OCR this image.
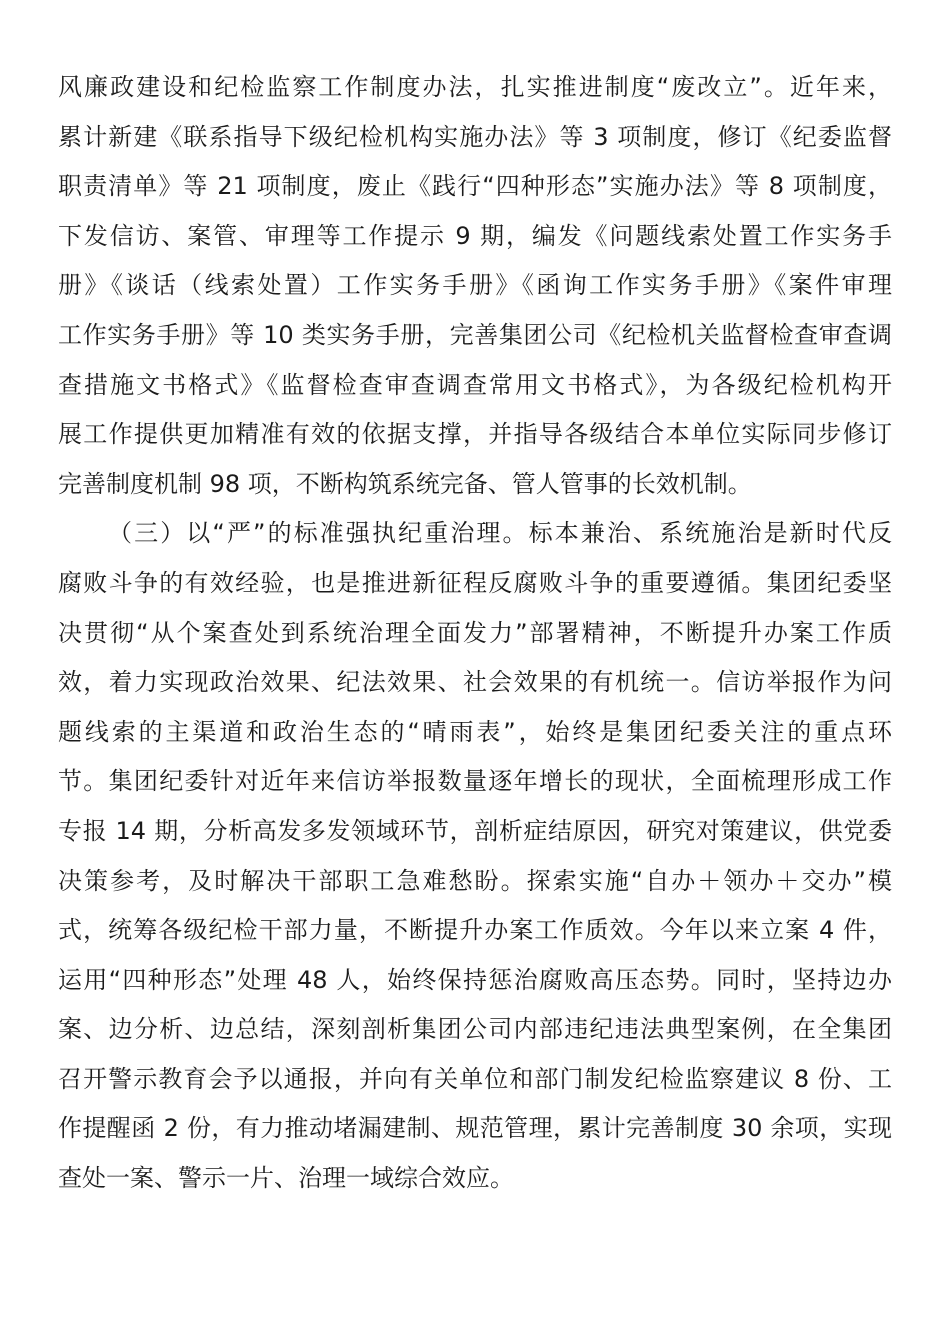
风廉政建设和纪检监察工作制度办法，扎实推进制度“废改立”。近年来，
累计新建《联系指导下级纪检机构实施办法》等 3 项制度，修订《纪委监督
职责清单》等 21 项制度，废止《践行“四种形态”实施办法》等 8 项制度，
下发信访、案管、审理等工作提示 9 期，编发《问题线索处置工作实务手
册》《谈话（线索处置）工作实务手册》《函询工作实务手册》《案件审理
工作实务手册》等 10 类实务手册，完善集团公司《纪检机关监督检查审查调
查措施文书格式》《监督检查审查调查常用文书格式》，为各级纪检机构开
展工作提供更加精准有效的依据支撑，并指导各级结合本单位实际同步修订
完善制度机制 98 项，不断构筑系统完备、管人管事的长效机制。
（三）以“严”的标准强执纪重治理。标本兼治、系统施治是新时代反
腐败斗争的有效经验，也是推进新征程反腐败斗争的重要遵循。集团纪委坚
决贯彻“从个案查处到系统治理全面发力”部署精神，不断提升办案工作质
效，着力实现政治效果、纪法效果、社会效果的有机统一。信访举报作为问
题线索的主渠道和政治生态的“晴雨表”，始终是集团纪委关注的重点环
节。集团纪委针对近年来信访举报数量逐年增长的现状，全面梳理形成工作
专报 14 期，分析高发多发领域环节，剖析症结原因，研究对策建议，供党委
决策参考，及时解决干部职工急难愁盼。探索实施“自办＋领办＋交办”模
式，统筹各级纪检干部力量，不断提升办案工作质效。今年以来立案 4 件，
运用“四种形态”处理 48 人，始终保持惩治腐败高压态势。同时，坚持边办
案、边分析、边总结，深刻剖析集团公司内部违纪违法典型案例，在全集团
召开警示教育会予以通报，并向有关单位和部门制发纪检监察建议 8 份、工
作提醒函 2 份，有力推动堵漏建制、规范管理，累计完善制度 30 余项，实现
查处一案、警示一片、治理一域综合效应。
